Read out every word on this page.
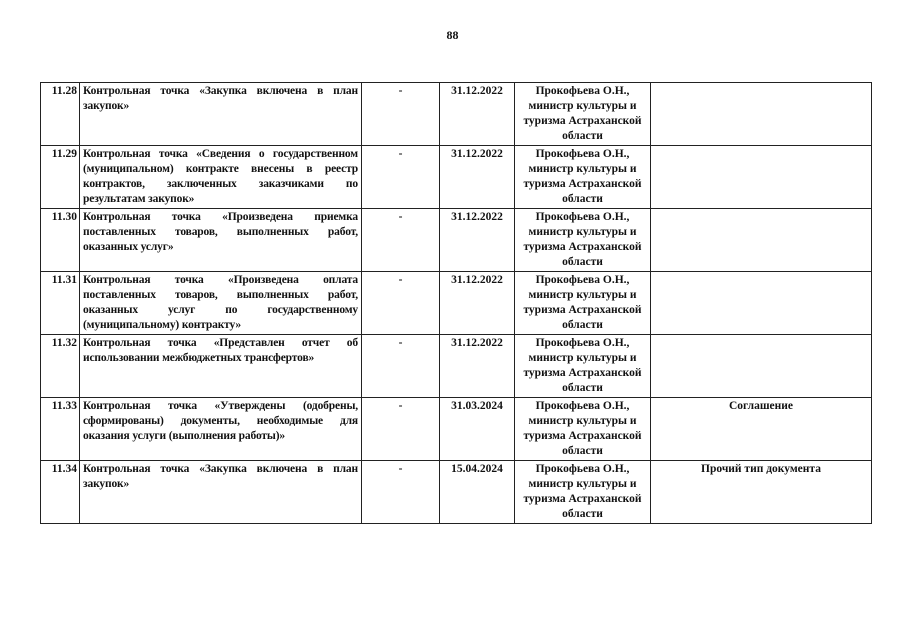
88
11.28	Контрольная точка «Закупка включена в план закупок»	-	31.12.2022	Прокофьева О.Н., министр культуры и туризма Астраханской области	
11.29	Контрольная точка «Сведения о государственном (муниципальном) контракте внесены в реестр контрактов, заключенных заказчиками по результатам закупок»	-	31.12.2022	Прокофьева О.Н., министр культуры и туризма Астраханской области	
11.30	Контрольная точка «Произведена приемка поставленных товаров, выполненных работ, оказанных услуг»	-	31.12.2022	Прокофьева О.Н., министр культуры и туризма Астраханской области	
11.31	Контрольная точка «Произведена оплата поставленных товаров, выполненных работ, оказанных услуг по государственному (муниципальному) контракту»	-	31.12.2022	Прокофьева О.Н., министр культуры и туризма Астраханской области	
11.32	Контрольная точка «Представлен отчет об использовании межбюджетных трансфертов»	-	31.12.2022	Прокофьева О.Н., министр культуры и туризма Астраханской области	
11.33	Контрольная точка «Утверждены (одобрены, сформированы) документы, необходимые для оказания услуги (выполнения работы)»	-	31.03.2024	Прокофьева О.Н., министр культуры и туризма Астраханской области	Соглашение
11.34	Контрольная точка «Закупка включена в план закупок»	-	15.04.2024	Прокофьева О.Н., министр культуры и туризма Астраханской области	Прочий тип документа
